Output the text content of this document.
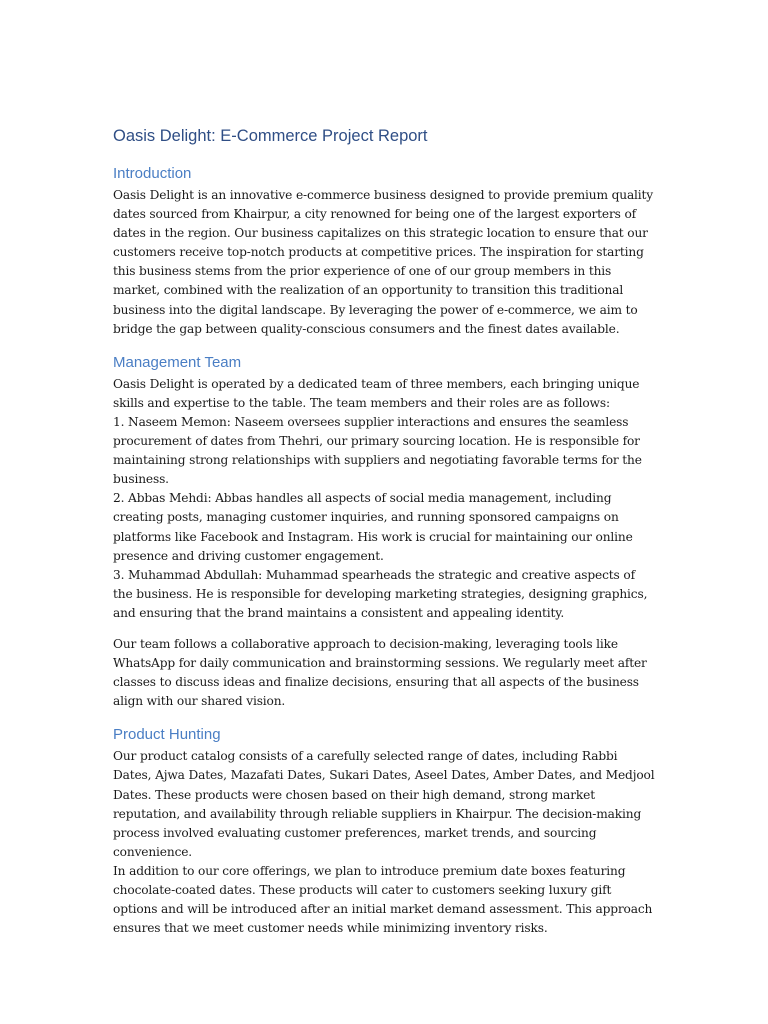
Oasis Delight: E-Commerce Project Report
Introduction

Oasis Delight is an innovative e-commerce business designed to provide premium quality dates sourced from Khairpur, a city renowned for being one of the largest exporters of dates in the region. Our business capitalizes on this strategic location to ensure that our customers receive top-notch products at competitive prices. The inspiration for starting this business stems from the prior experience of one of our group members in this market, combined with the realization of an opportunity to transition this traditional business into the digital landscape. By leveraging the power of e-commerce, we aim to bridge the gap between quality-conscious consumers and the finest dates available.

Management Team

Oasis Delight is operated by a dedicated team of three members, each bringing unique skills and expertise to the table. The team members and their roles are as follows:

1. Naseem Memon: Naseem oversees supplier interactions and ensures the seamless procurement of dates from Thehri, our primary sourcing location. He is responsible for maintaining strong relationships with suppliers and negotiating favorable terms for the business.

2. Abbas Mehdi: Abbas handles all aspects of social media management, including creating posts, managing customer inquiries, and running sponsored campaigns on platforms like Facebook and Instagram. His work is crucial for maintaining our online presence and driving customer engagement.

3. Muhammad Abdullah: Muhammad spearheads the strategic and creative aspects of the business. He is responsible for developing marketing strategies, designing graphics, and ensuring that the brand maintains a consistent and appealing identity.

Our team follows a collaborative approach to decision-making, leveraging tools like WhatsApp for daily communication and brainstorming sessions. We regularly meet after classes to discuss ideas and finalize decisions, ensuring that all aspects of the business align with our shared vision.

Product Hunting

Our product catalog consists of a carefully selected range of dates, including Rabbi Dates, Ajwa Dates, Mazafati Dates, Sukari Dates, Aseel Dates, Amber Dates, and Medjool Dates. These products were chosen based on their high demand, strong market reputation, and availability through reliable suppliers in Khairpur. The decision-making process involved evaluating customer preferences, market trends, and sourcing convenience.

In addition to our core offerings, we plan to introduce premium date boxes featuring chocolate-coated dates. These products will cater to customers seeking luxury gift options and will be introduced after an initial market demand assessment. This approach ensures that we meet customer needs while minimizing inventory risks.
